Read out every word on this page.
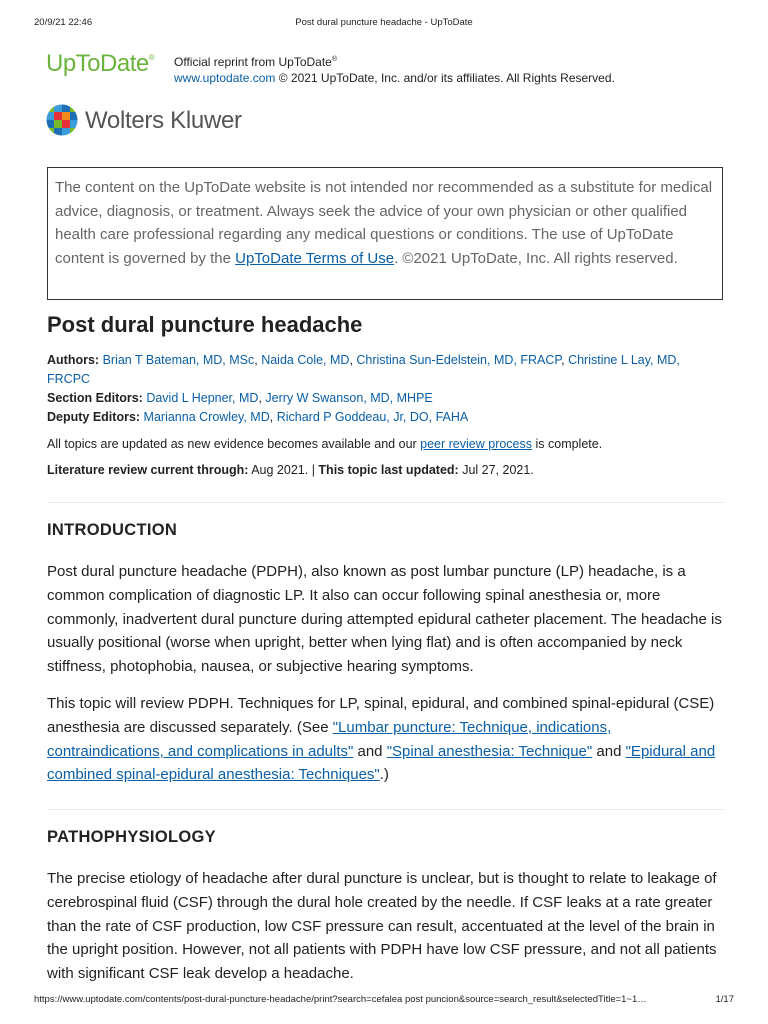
20/9/21 22:46	Post dural puncture headache - UpToDate
UpToDate® Official reprint from UpToDate®
www.uptodate.com © 2021 UpToDate, Inc. and/or its affiliates. All Rights Reserved.
Wolters Kluwer
The content on the UpToDate website is not intended nor recommended as a substitute for medical advice, diagnosis, or treatment. Always seek the advice of your own physician or other qualified health care professional regarding any medical questions or conditions. The use of UpToDate content is governed by the UpToDate Terms of Use. ©2021 UpToDate, Inc. All rights reserved.
Post dural puncture headache
Authors: Brian T Bateman, MD, MSc, Naida Cole, MD, Christina Sun-Edelstein, MD, FRACP, Christine L Lay, MD, FRCPC
Section Editors: David L Hepner, MD, Jerry W Swanson, MD, MHPE
Deputy Editors: Marianna Crowley, MD, Richard P Goddeau, Jr, DO, FAHA
All topics are updated as new evidence becomes available and our peer review process is complete.
Literature review current through: Aug 2021. | This topic last updated: Jul 27, 2021.
INTRODUCTION

Post dural puncture headache (PDPH), also known as post lumbar puncture (LP) headache, is a common complication of diagnostic LP. It also can occur following spinal anesthesia or, more commonly, inadvertent dural puncture during attempted epidural catheter placement. The headache is usually positional (worse when upright, better when lying flat) and is often accompanied by neck stiffness, photophobia, nausea, or subjective hearing symptoms.

This topic will review PDPH. Techniques for LP, spinal, epidural, and combined spinal-epidural (CSE) anesthesia are discussed separately. (See "Lumbar puncture: Technique, indications, contraindications, and complications in adults" and "Spinal anesthesia: Technique" and "Epidural and combined spinal-epidural anesthesia: Techniques".)

PATHOPHYSIOLOGY

The precise etiology of headache after dural puncture is unclear, but is thought to relate to leakage of cerebrospinal fluid (CSF) through the dural hole created by the needle. If CSF leaks at a rate greater than the rate of CSF production, low CSF pressure can result, accentuated at the level of the brain in the upright position. However, not all patients with PDPH have low CSF pressure, and not all patients with significant CSF leak develop a headache.

https://www.uptodate.com/contents/post-dural-puncture-headache/print?search=cefalea post puncion&source=search_result&selectedTitle=1~1…	1/17
